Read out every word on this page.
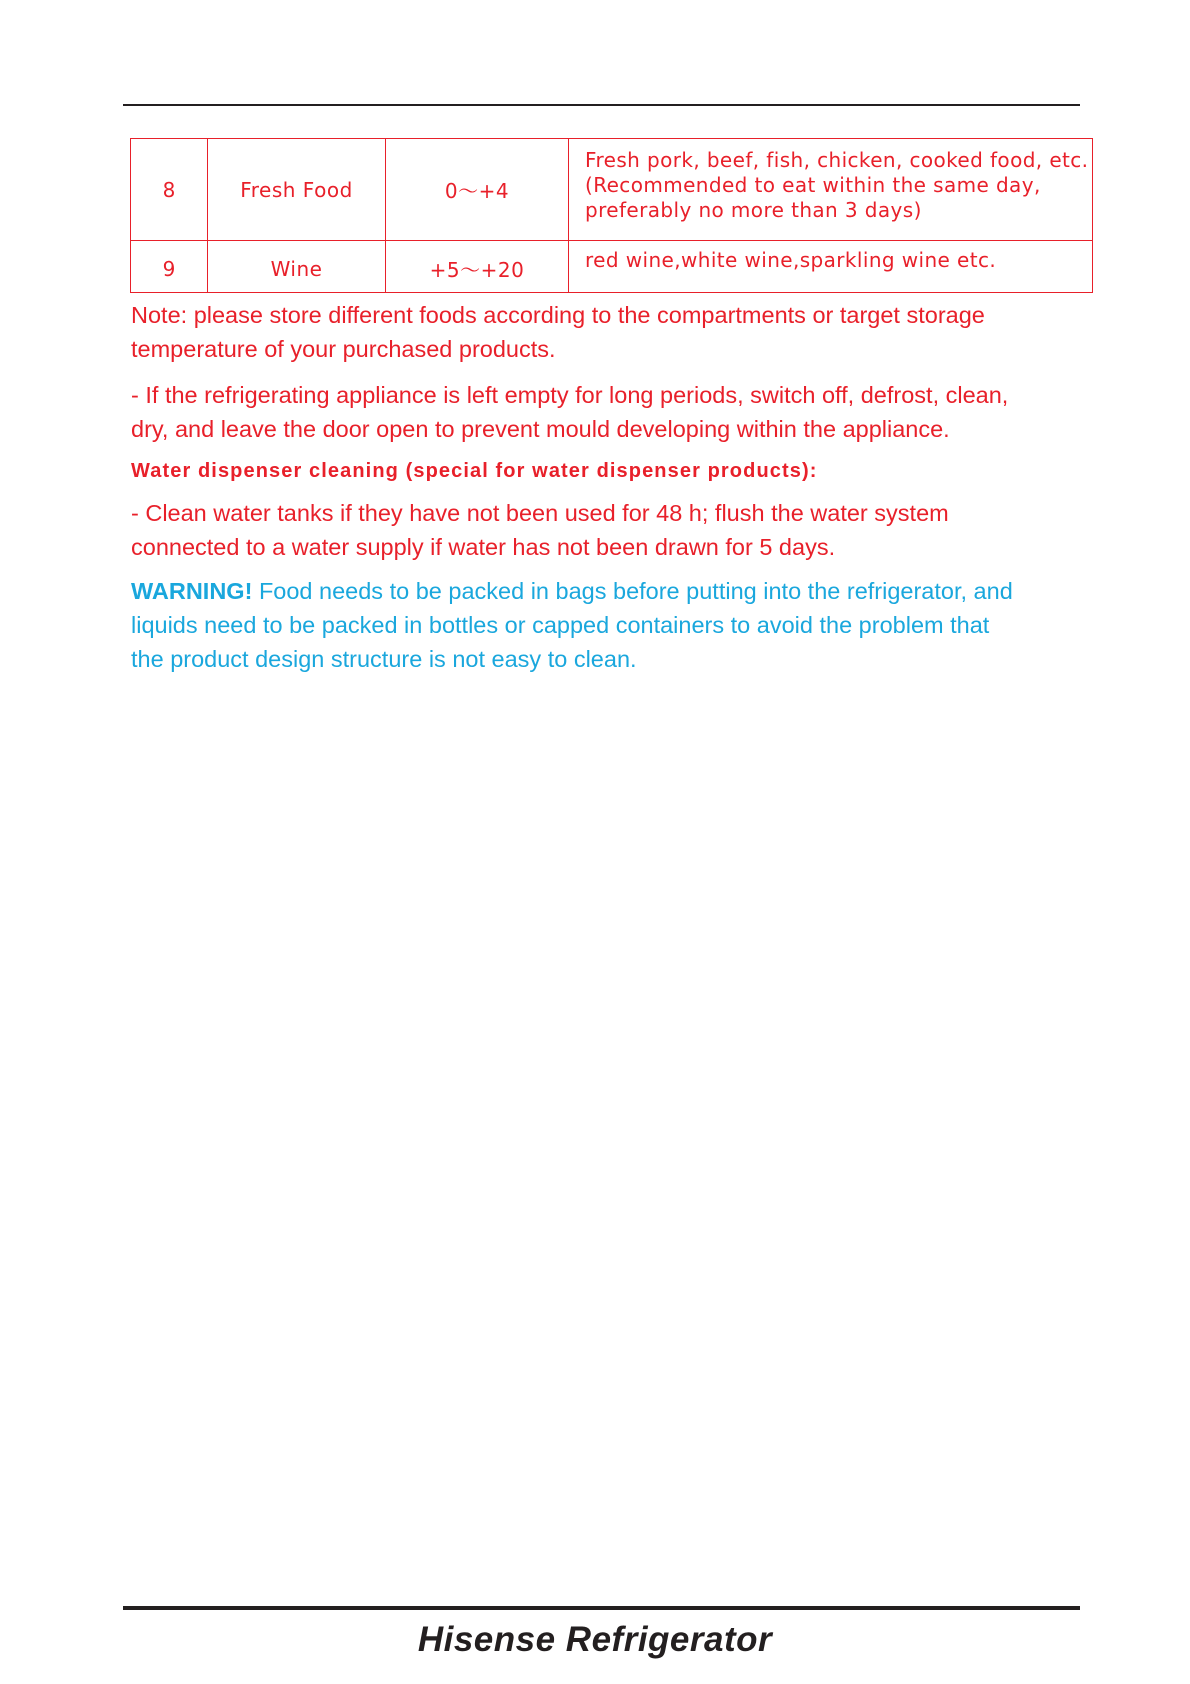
8	Fresh Food	0～+4	Fresh pork, beef, fish, chicken, cooked food, etc.
(Recommended to eat within the same day,
preferably no more than 3 days)

9	Wine	+5～+20	red wine,white wine,sparkling wine etc.

Note: please store different foods according to the compartments or target storage
temperature of your purchased products.

- If the refrigerating appliance is left empty for long periods, switch off, defrost, clean,
dry, and leave the door open to prevent mould developing within the appliance.

Water dispenser cleaning (special for water dispenser products):

- Clean water tanks if they have not been used for 48 h; flush the water system
connected to a water supply if water has not been drawn for 5 days.

WARNING! Food needs to be packed in bags before putting into the refrigerator, and
liquids need to be packed in bottles or capped containers to avoid the problem that
the product design structure is not easy to clean.

Hisense Refrigerator
